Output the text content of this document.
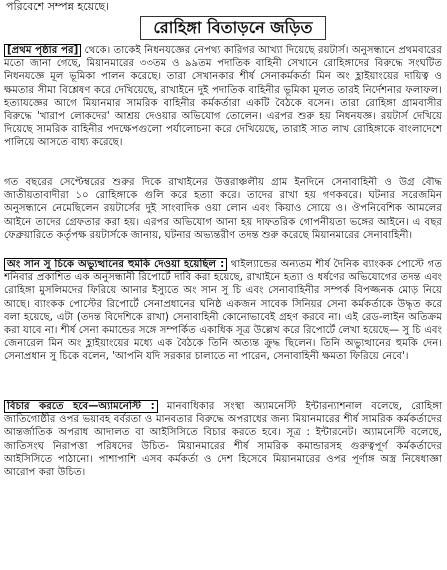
পরিবেশে সম্পন্ন হয়েছে।
রোহিঙ্গা বিতাড়নে জড়িত

[প্রথম পৃষ্ঠার পর] থেকে। তাকেই নিধনযজ্ঞের নেপথ্য কারিগর আখ্যা দিয়েছে রয়টার্স। অনুসন্ধানে প্রথমবারের মতো জানা গেছে, মিয়ানমারের ৩৩তম ও ৯৯তম পদাতিক বাহিনী সেখানে রোহিঙ্গাদের বিরুদ্ধে সংঘটিত নিধনযজ্ঞে মূল ভূমিকা পালন করেছে। তারা সেখানকার শীর্ষ সেনাকর্মকর্তা মিন অং হ্লাইয়াংয়ের দায়িত্ব ও ক্ষমতার সীমা বিশ্লেষণ করে দেখিয়েছে, রাখাইনে দুই পদাতিক বাহিনীর ভূমিকা মূলত তারই নির্দেশনার ফলাফল। হত্যাযজ্ঞের আগে মিয়ানমার সামরিক বাহিনীর কর্মকর্তারা একটি বৈঠকে বসেন। তারা রোহিঙ্গা গ্রামবাসীর বিরুদ্ধে 'খারাপ লোকদের' আশ্রয় দেওয়ার অভিযোগ তোলেন। এরপর শুরু হয় নিধনযজ্ঞ। রয়টার্স দেখিয়ে দিয়েছে সামরিক বাহিনীর পদক্ষেপগুলো পর্যালোচনা করে দেখিয়েছে, তারাই সাত লাখ রোহিঙ্গাকে বাংলাদেশে পালিয়ে আসতে বাধ্য করেছে।

গত বছরের সেপ্টেম্বরের শুরুর দিকে রাখাইনের উত্তরাঞ্চলীয় গ্রাম ইনদিনে সেনাবাহিনী ও উগ্র বৌদ্ধ জাতীয়তাবাদীরা ১০ রোহিঙ্গাকে গুলি করে হত্যা করে। তাদের রাখা হয় গণকবরে। ঘটনার সরেজমিন অনুসন্ধানে নেমেছিলেন রয়টার্সের দুই সাংবাদিক ওয়া লোন এবং কিয়াও সোয়ে ও। ঔপনিবেশিক আমলের আইনে তাদের গ্রেফতার করা হয়। এরপর অভিযোগ আনা হয় দাফতরিক গোপনীয়তা ভঙ্গের আইনে। এ বছর ফেব্রুয়ারিতে কর্তৃপক্ষ রয়টার্সকে জানায়, ঘটনার অভ্যন্তরীণ তদন্ত শুরু করেছে মিয়ানমারের সেনাবাহিনী।

অং সান সু চিকে অভ্যুত্থানের হুমকি দেওয়া হয়েছিল : থাইল্যান্ডের অন্যতম শীর্ষ দৈনিক ব্যাংকক পোস্টে গত শনিবার প্রকাশিত এক অনুসন্ধানী রিপোর্টে দাবি করা হয়েছে, রাখাইনে হত্যা ও ধর্ষণের অভিযোগের তদন্ত এবং রোহিঙ্গা মুসলিমদের ফিরিয়ে আনার ইস্যুতে অং সান সু চি এবং সেনাবাহিনীর সম্পর্ক বিপজ্জনক মোড় নিয়ে আছে। ব্যাংকক পোস্টের রিপোর্টে সেনাপ্রধানের ঘনিষ্ঠ একজন সাবেক সিনিয়র সেনা কর্মকর্তাকে উদ্ধৃত করে বলা হয়েছে, এটা (তদন্ত বিদেশিকে রাখা) সেনাবাহিনী কোনোভাবেই গ্রহণ করবে না। এই রেড-লাইন অতিক্রম করা যাবে না। শীর্ষ সেনা কমান্ডের সঙ্গে সম্পর্কিত একাধিক সূত্র উল্লেখ করে রিপোর্টে লেখা হয়েছে— সু চি এবং জেনারেল মিন অং হ্লাইয়াংয়ের মধ্যে এক বৈঠকে তিনি অত্যন্ত ক্রুদ্ধ ছিলেন। তিনি অভ্যুত্থানের হুমকি দেন। সেনাপ্রধান সু চিকে বলেন, 'আপনি যদি সরকার চালাতে না পারেন, সেনাবাহিনী ক্ষমতা ফিরিয়ে নেবে'।

বিচার করতে হবে—অ্যামনেস্টি : মানবাধিকার সংস্থা অ্যামনেস্টি ইন্টারন্যাশনাল বলেছে, রোহিঙ্গা জাতিগোষ্ঠীর ওপর ভয়াবহ বর্বরতা ও মানবতার বিরুদ্ধে অপরাধের জন্য মিয়ানমারের শীর্ষ সামরিক কর্মকর্তাদের আন্তর্জাতিক অপরাধ আদালত বা আইসিসিতে বিচার করতে হবে। সূত্র : ইন্টারনেট। অ্যামনেস্টি বলেছে, জাতিসংঘ নিরাপত্তা পরিষদের উচিত- মিয়ানমারের শীর্ষ সামরিক কমান্ডারসহ গুরুত্বপূর্ণ কর্মকর্তাদের আইসিসিতে পাঠানো। পাশাপাশি এসব কর্মকর্তা ও দেশ হিসেবে মিয়ানমারের ওপর পূর্ণাঙ্গ অস্ত্র নিষেধাজ্ঞা আরোপ করা উচিত।
